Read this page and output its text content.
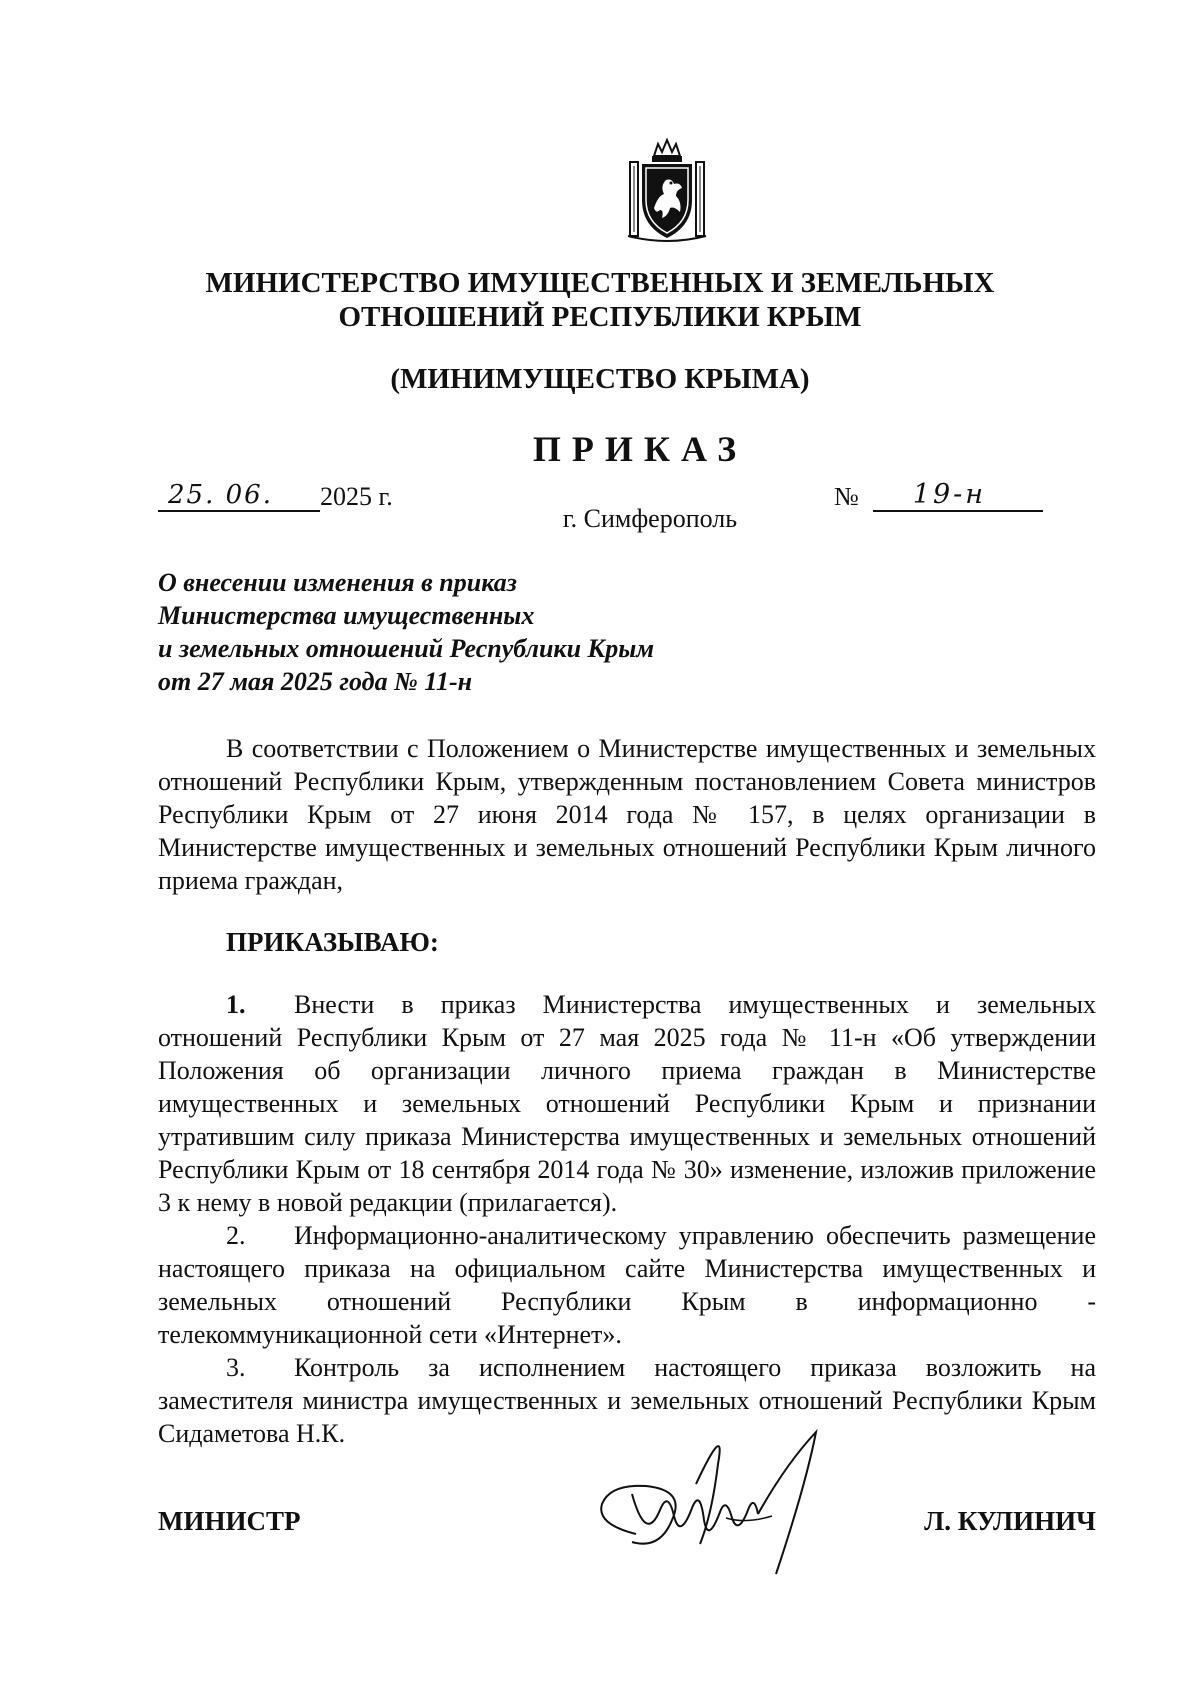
МИНИСТЕРСТВО ИМУЩЕСТВЕННЫХ И ЗЕМЕЛЬНЫХ
ОТНОШЕНИЙ РЕСПУБЛИКИ КРЫМ
(МИНИМУЩЕСТВО КРЫМА)
ПРИКАЗ
25. 06. 2025 г.	№ 19-н
г. Симферополь
О внесении изменения в приказ
Министерства имущественных
и земельных отношений Республики Крым
от 27 мая 2025 года № 11-н
В соответствии с Положением о Министерстве имущественных и земельных отношений Республики Крым, утвержденным постановлением Совета министров Республики Крым от 27 июня 2014 года № 157, в целях организации в Министерстве имущественных и земельных отношений Республики Крым личного приема граждан,
ПРИКАЗЫВАЮ:
1. Внести в приказ Министерства имущественных и земельных отношений Республики Крым от 27 мая 2025 года № 11-н «Об утверждении Положения об организации личного приема граждан в Министерстве имущественных и земельных отношений Республики Крым и признании утратившим силу приказа Министерства имущественных и земельных отношений Республики Крым от 18 сентября 2014 года № 30» изменение, изложив приложение 3 к нему в новой редакции (прилагается).
2. Информационно-аналитическому управлению обеспечить размещение настоящего приказа на официальном сайте Министерства имущественных и земельных отношений Республики Крым в информационно - телекоммуникационной сети «Интернет».
3. Контроль за исполнением настоящего приказа возложить на заместителя министра имущественных и земельных отношений Республики Крым Сидаметова Н.К.
МИНИСТР	Л. КУЛИНИЧ
